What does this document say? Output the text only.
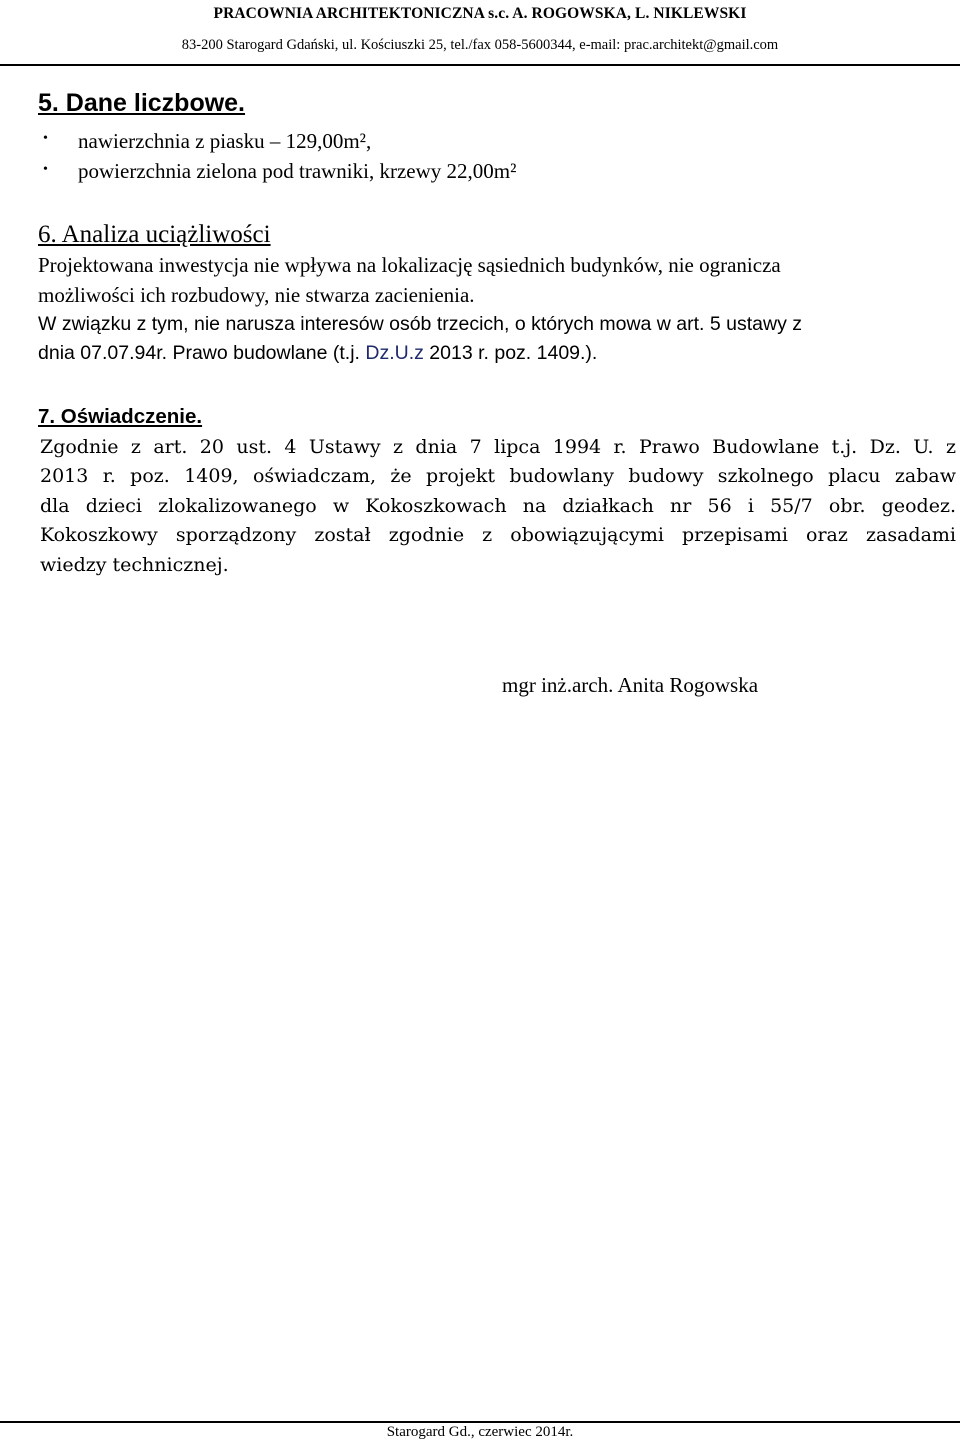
PRACOWNIA ARCHITEKTONICZNA s.c. A. ROGOWSKA, L. NIKLEWSKI
83-200 Starogard Gdański, ul. Kościuszki 25, tel./fax 058-5600344, e-mail: prac.architekt@gmail.com
5. Dane liczbowe.
• nawierzchnia z piasku – 129,00m²,
• powierzchnia zielona pod trawniki, krzewy 22,00m²
6. Analiza uciążliwości
Projektowana inwestycja nie wpływa na lokalizację sąsiednich budynków, nie ogranicza
możliwości ich rozbudowy, nie stwarza zacienienia.
W związku z tym, nie narusza interesów osób trzecich, o których mowa w art. 5 ustawy z
dnia 07.07.94r. Prawo budowlane (t.j. Dz.U.z 2013 r. poz. 1409.).
7. Oświadczenie.
Zgodnie z art. 20 ust. 4 Ustawy z dnia 7 lipca 1994 r. Prawo Budowlane t.j. Dz. U. z
2013 r. poz. 1409, oświadczam, że projekt budowlany budowy szkolnego placu zabaw
dla dzieci zlokalizowanego w Kokoszkowach na działkach nr 56 i 55/7 obr. geodez.
Kokoszkowy sporządzony został zgodnie z obowiązującymi przepisami oraz zasadami
wiedzy technicznej.
mgr inż.arch. Anita Rogowska
Starogard Gd., czerwiec 2014r.
